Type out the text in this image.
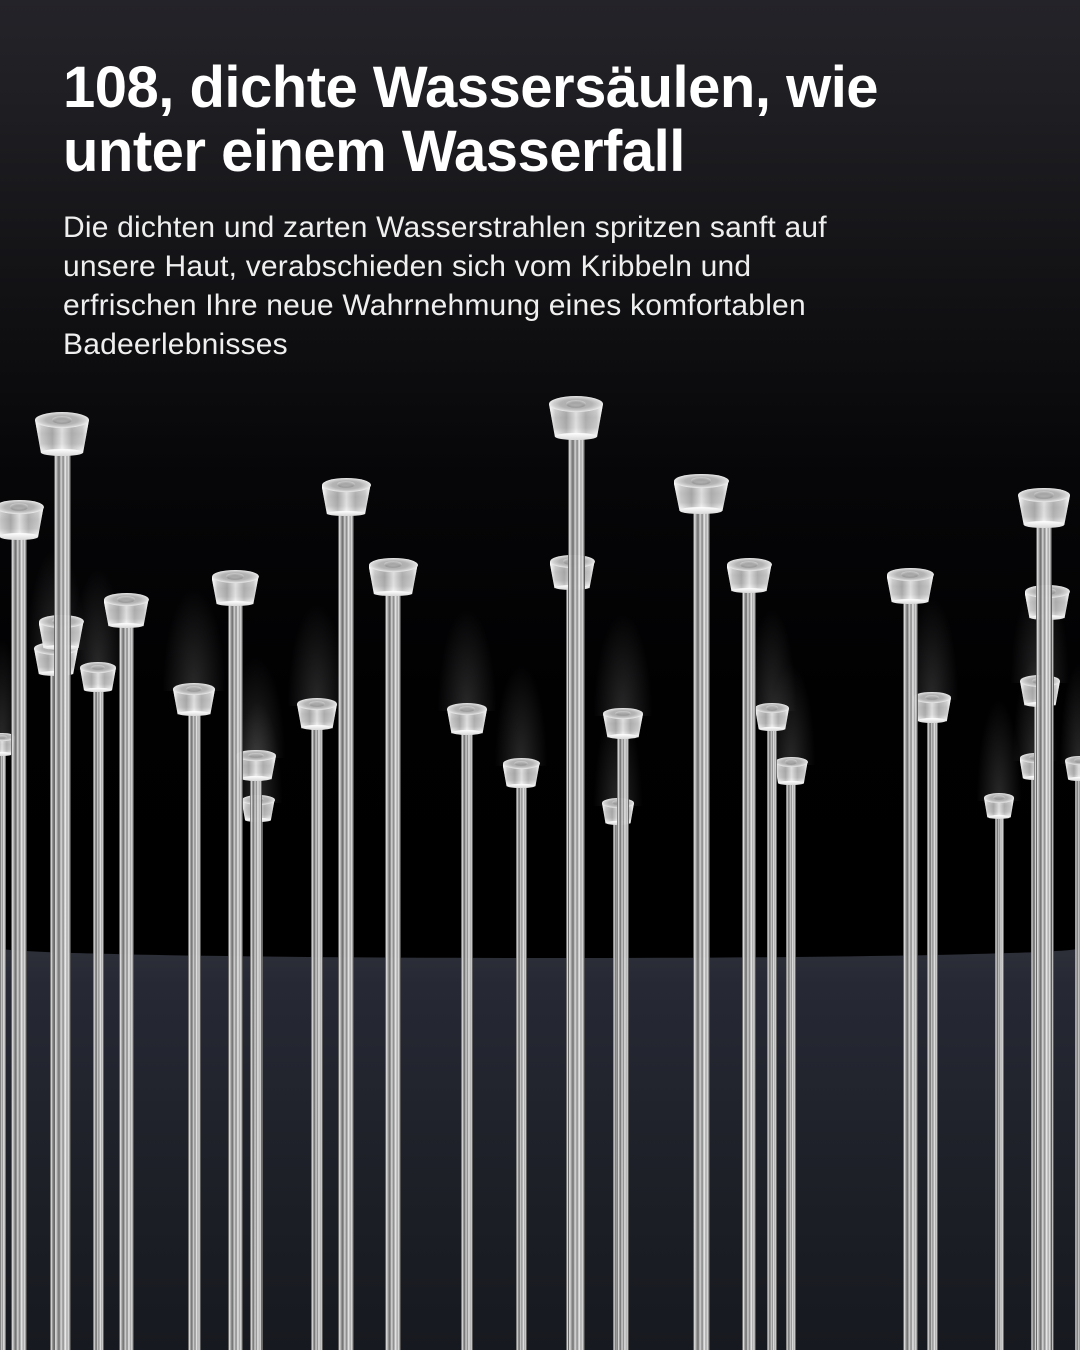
108, dichte Wassersäulen, wie
unter einem Wasserfall

Die dichten und zarten Wasserstrahlen spritzen sanft auf
unsere Haut, verabschieden sich vom Kribbeln und
erfrischen Ihre neue Wahrnehmung eines komfortablen
Badeerlebnisses
